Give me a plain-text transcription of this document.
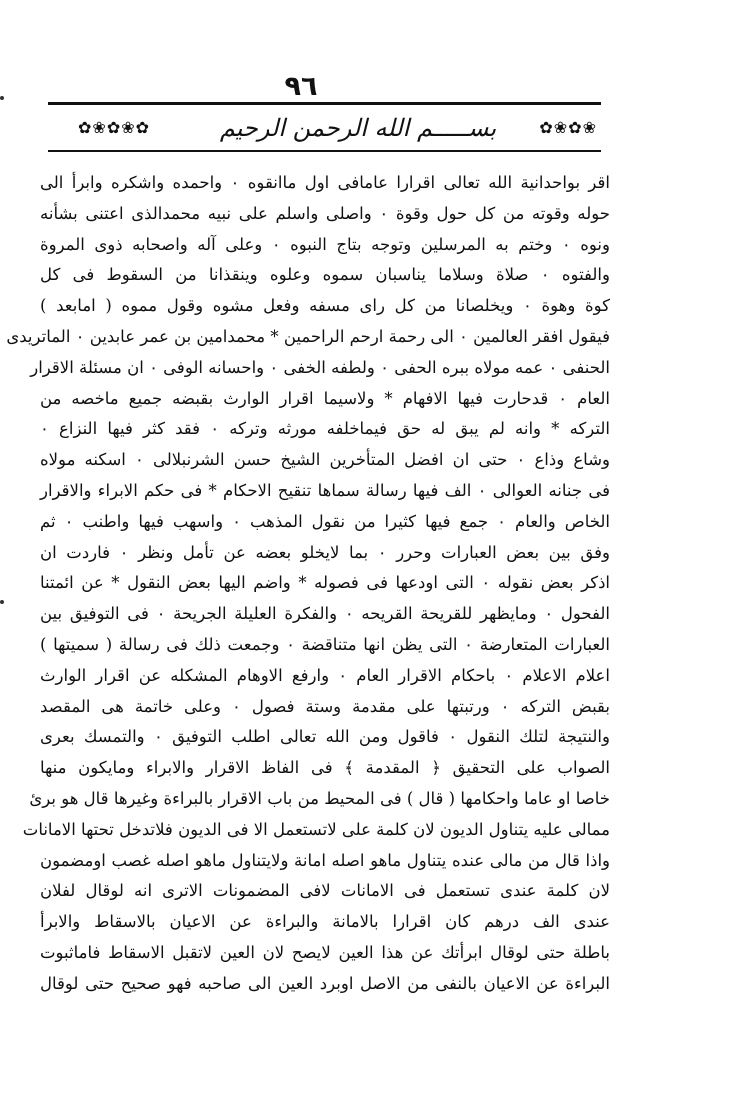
٩٦
✿❀✿❀✿	بســـــم الله الرحمن الرحيم	✿❀✿❀
اقر بواحدانية الله تعالى اقرارا عامافى اول ماانقوه ۰ واحمده واشكره وابرأ الى
حوله وقوته من كل حول وقوة ۰ واصلى واسلم على نبيه محمدالذى اعتنى بشأنه
ونوه ۰ وختم به المرسلين وتوجه بتاج النبوه ۰ وعلى آله واصحابه ذوى المروة
والفتوه ۰ صلاة وسلاما يناسبان سموه وعلوه وينقذانا من السقوط فى كل
كوة وهوة ۰ ويخلصانا من كل راى مسفه وفعل مشوه وقول مموه ( امابعد )
فيقول افقر العالمين ۰ الى رحمة ارحم الراحمين * محمدامين بن عمر عابدين ۰ الماتريدى
الحنفى ۰ عمه مولاه ببره الحفى ۰ ولطفه الخفى ۰ واحسانه الوفى ۰ ان مسئلة الاقرار
العام ۰ قدحارت فيها الافهام * ولاسيما اقرار الوارث بقبضه جميع ماخصه من
التركه * وانه لم يبق له حق فيماخلفه مورثه وتركه ۰ فقد كثر فيها النزاع ۰
وشاع وذاع ۰ حتى ان افضل المتأخرين الشيخ حسن الشرنبلالى ۰ اسكنه مولاه
فى جنانه العوالى ۰ الف فيها رسالة سماها تنقيح الاحكام * فى حكم الابراء والاقرار
الخاص والعام ۰ جمع فيها كثيرا من نقول المذهب ۰ واسهب فيها واطنب ۰ ثم
وفق بين بعض العبارات وحرر ۰ بما لايخلو بعضه عن تأمل ونظر ۰ فاردت ان
اذكر بعض نقوله ۰ التى اودعها فى فصوله * واضم اليها بعض النقول * عن ائمتنا
الفحول ۰ ومايظهر للقريحة القريحه ۰ والفكرة العليلة الجريحة ۰ فى التوفيق بين
العبارات المتعارضة ۰ التى يظن انها متناقضة ۰ وجمعت ذلك فى رسالة ( سميتها )
اعلام الاعلام ۰ باحكام الاقرار العام ۰ وارفع الاوهام المشكله عن اقرار الوارث
بقبض التركه ۰ ورتبتها على مقدمة وستة فصول ۰ وعلى خاتمة هى المقصد
والنتيجة لتلك النقول ۰ فاقول ومن الله تعالى اطلب التوفيق ۰ والتمسك بعرى
الصواب على التحقيق ﴿ المقدمة ﴾ فى الفاظ الاقرار والابراء ومايكون منها
خاصا او عاما واحكامها ( قال ) فى المحيط من باب الاقرار بالبراءة وغيرها قال هو برئ
ممالى عليه يتناول الديون لان كلمة على لاتستعمل الا فى الديون فلاتدخل تحتها الامانات
واذا قال من مالى عنده يتناول ماهو اصله امانة ولايتناول ماهو اصله غصب اومضمون
لان كلمة عندى تستعمل فى الامانات لافى المضمونات الاترى انه لوقال لفلان
عندى الف درهم كان اقرارا بالامانة والبراءة عن الاعيان بالاسقاط والابرأ
باطلة حتى لوقال ابرأتك عن هذا العين لايصح لان العين لاتقبل الاسقاط فاماثبوت
البراءة عن الاعيان بالنفى من الاصل اوبرد العين الى صاحبه فهو صحيح حتى لوقال
